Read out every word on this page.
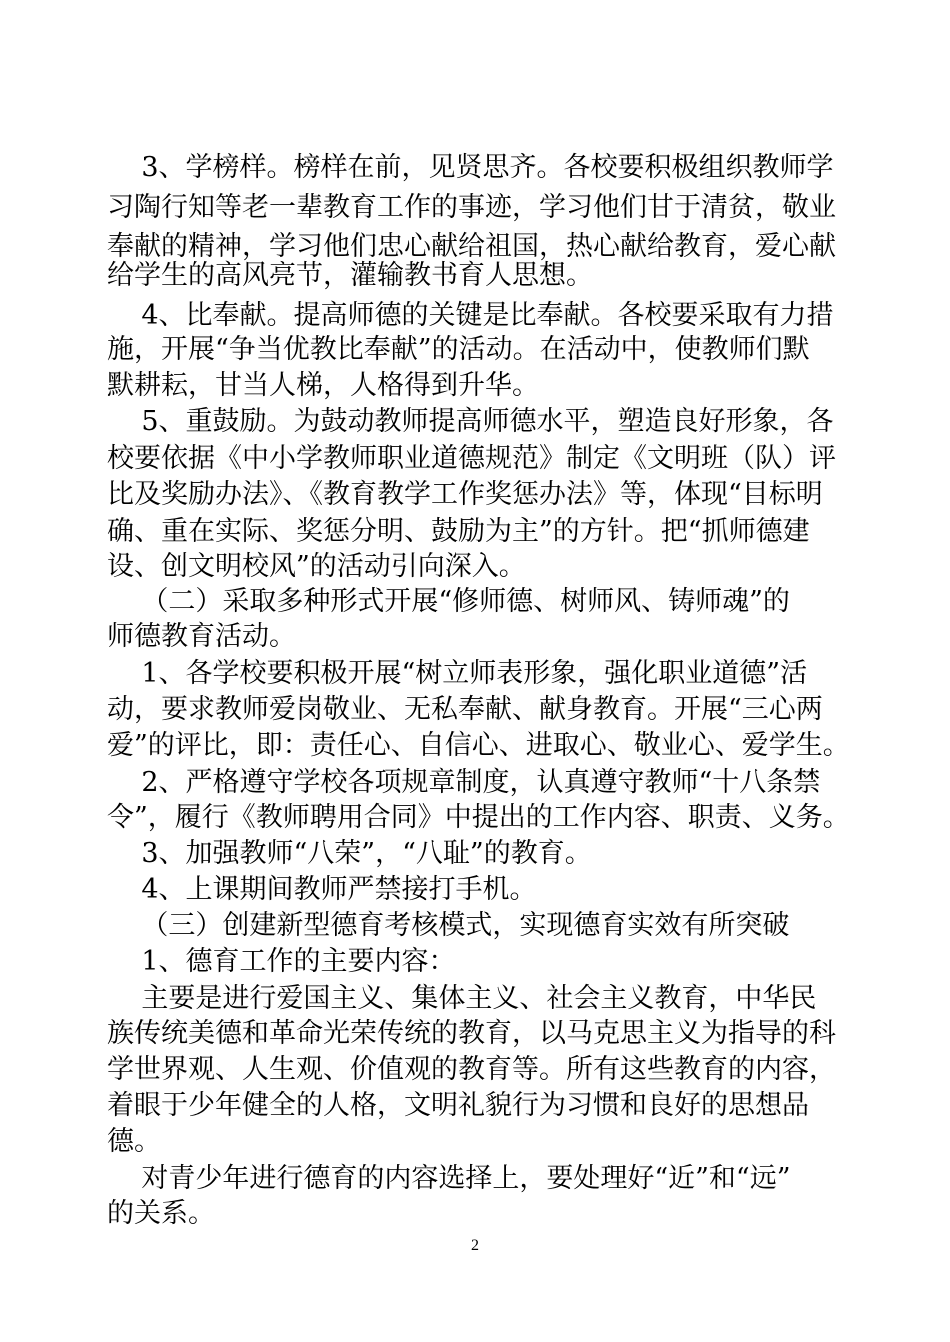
3、学榜样。榜样在前，见贤思齐。各校要积极组织教师学
习陶行知等老一辈教育工作的事迹，学习他们甘于清贫，敬业
奉献的精神，学习他们忠心献给祖国，热心献给教育，爱心献
给学生的高风亮节，灌输教书育人思想。
4、比奉献。提高师德的关键是比奉献。各校要采取有力措
施，开展“争当优教比奉献”的活动。在活动中，使教师们默
默耕耘，甘当人梯，人格得到升华。
5、重鼓励。为鼓动教师提高师德水平，塑造良好形象，各
校要依据《中小学教师职业道德规范》制定《文明班（队）评
比及奖励办法》、《教育教学工作奖惩办法》等，体现“目标明
确、重在实际、奖惩分明、鼓励为主”的方针。把“抓师德建
设、创文明校风”的活动引向深入。
（二）采取多种形式开展“修师德、树师风、铸师魂”的
师德教育活动。
1、各学校要积极开展“树立师表形象，强化职业道德”活
动，要求教师爱岗敬业、无私奉献、献身教育。开展“三心两
爱”的评比，即：责任心、自信心、进取心、敬业心、爱学生。
2、严格遵守学校各项规章制度，认真遵守教师“十八条禁
令”，履行《教师聘用合同》中提出的工作内容、职责、义务。
3、加强教师“八荣”，“八耻”的教育。
4、上课期间教师严禁接打手机。
（三）创建新型德育考核模式，实现德育实效有所突破
1、德育工作的主要内容：
主要是进行爱国主义、集体主义、社会主义教育，中华民
族传统美德和革命光荣传统的教育，以马克思主义为指导的科
学世界观、人生观、价值观的教育等。所有这些教育的内容，
着眼于少年健全的人格，文明礼貌行为习惯和良好的思想品
德。
对青少年进行德育的内容选择上，要处理好“近”和“远”
的关系。
2
